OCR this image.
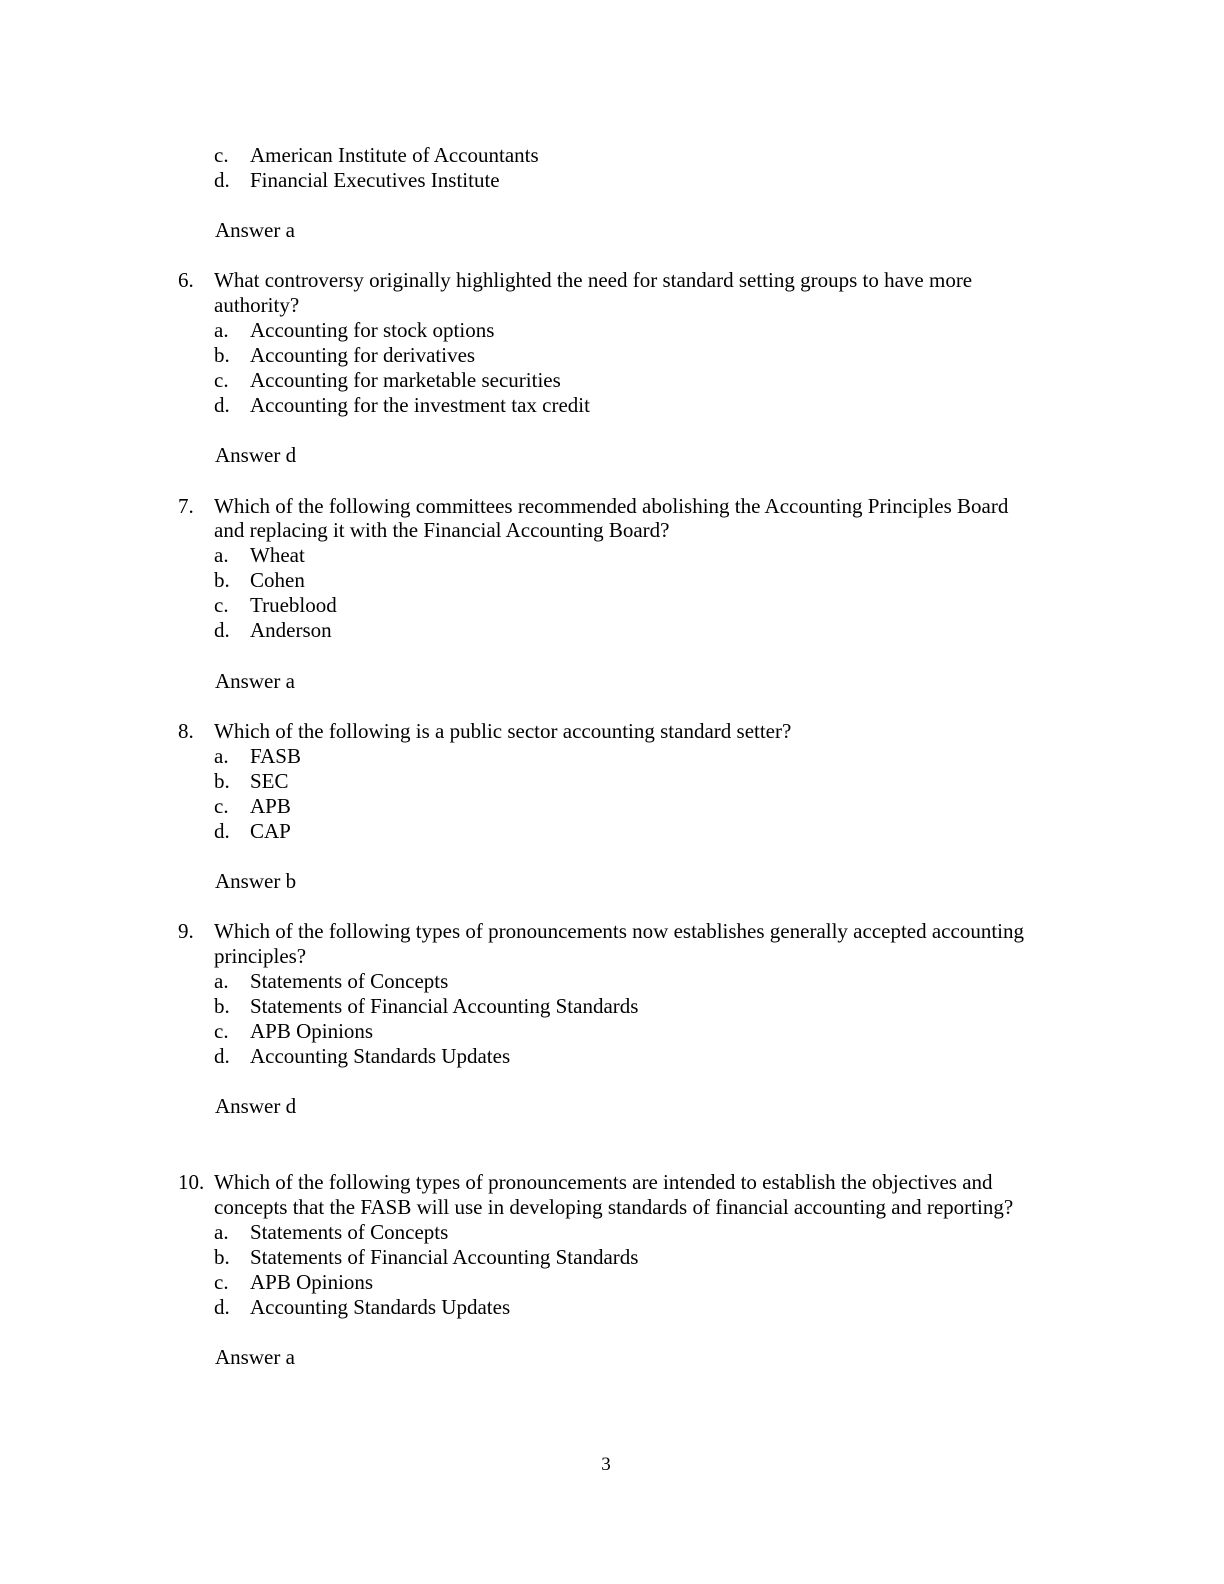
c. American Institute of Accountants
d. Financial Executives Institute
Answer a
6. What controversy originally highlighted the need for standard setting groups to have more
authority?
a. Accounting for stock options
b. Accounting for derivatives
c. Accounting for marketable securities
d. Accounting for the investment tax credit
Answer d
7. Which of the following committees recommended abolishing the Accounting Principles Board
and replacing it with the Financial Accounting Board?
a. Wheat
b. Cohen
c. Trueblood
d. Anderson
Answer a
8. Which of the following is a public sector accounting standard setter?
a. FASB
b. SEC
c. APB
d. CAP
Answer b
9. Which of the following types of pronouncements now establishes generally accepted accounting
principles?
a. Statements of Concepts
b. Statements of Financial Accounting Standards
c. APB Opinions
d. Accounting Standards Updates
Answer d
10. Which of the following types of pronouncements are intended to establish the objectives and
concepts that the FASB will use in developing standards of financial accounting and reporting?
a. Statements of Concepts
b. Statements of Financial Accounting Standards
c. APB Opinions
d. Accounting Standards Updates
Answer a
3
